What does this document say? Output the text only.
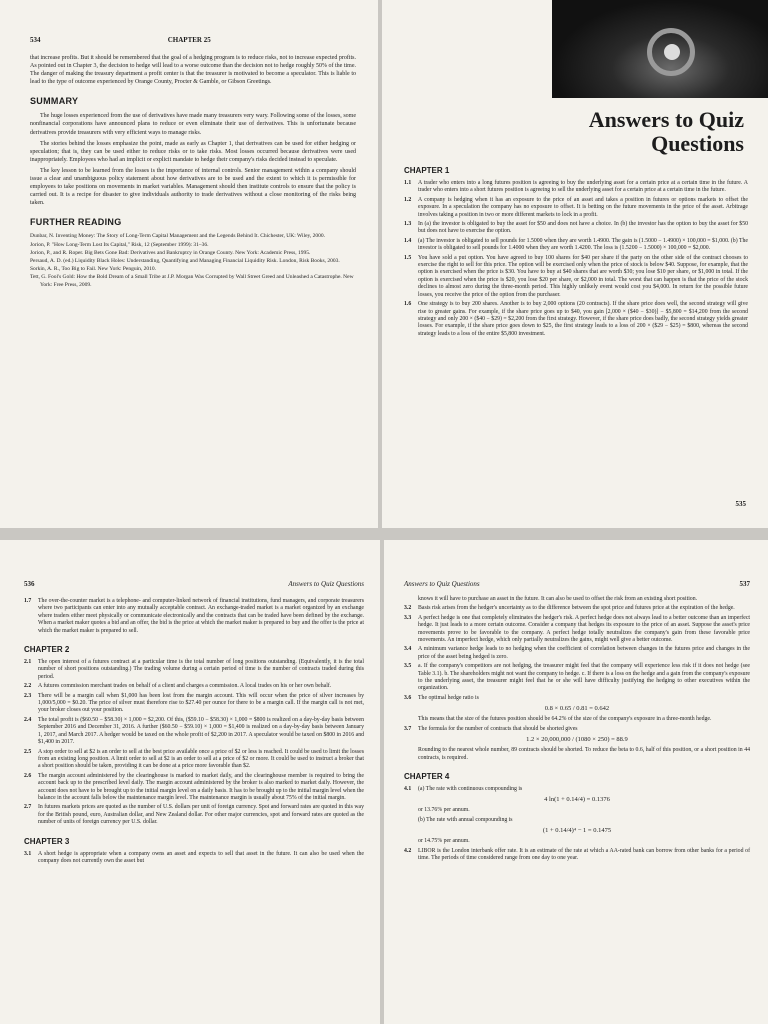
534	CHAPTER 25

that increase profits. But it should be remembered that the goal of a hedging program is to reduce risks, not to increase expected profits. As pointed out in Chapter 3, the decision to hedge will lead to a worse outcome than the decision not to hedge roughly 50% of the time. The danger of making the treasury department a profit center is that the treasurer is motivated to become a speculator. This is liable to lead to the type of outcome experienced by Orange County, Procter & Gamble, or Gibson Greetings.

SUMMARY

The huge losses experienced from the use of derivatives have made many treasurers very wary. Following some of the losses, some nonfinancial corporations have announced plans to reduce or even eliminate their use of derivatives. This is unfortunate because derivatives provide treasurers with very efficient ways to manage risks.

The stories behind the losses emphasize the point, made as early as Chapter 1, that derivatives can be used for either hedging or speculation; that is, they can be used either to reduce risks or to take risks. Most losses occurred because derivatives were used inappropriately. Employees who had an implicit or explicit mandate to hedge their company's risks decided instead to speculate.

The key lesson to be learned from the losses is the importance of internal controls. Senior management within a company should issue a clear and unambiguous policy statement about how derivatives are to be used and the extent to which it is permissible for employees to take positions on movements in market variables. Management should then institute controls to ensure that the policy is carried out. It is a recipe for disaster to give individuals authority to trade derivatives without a close monitoring of the risks being taken.

FURTHER READING

Dunbar, N. Inventing Money: The Story of Long-Term Capital Management and the Legends Behind It. Chichester, UK: Wiley, 2000.

Jorion, P. "How Long-Term Lost Its Capital," Risk, 12 (September 1999): 31–36.

Jorion, P., and R. Roper. Big Bets Gone Bad: Derivatives and Bankruptcy in Orange County. New York: Academic Press, 1995.

Persaud, A. D. (ed.) Liquidity Black Holes: Understanding, Quantifying and Managing Financial Liquidity Risk. London, Risk Books, 2003.

Sorkin, A. R., Too Big to Fail. New York: Penguin, 2010.

Tett, G. Fool's Gold: How the Bold Dream of a Small Tribe at J.P. Morgan Was Corrupted by Wall Street Greed and Unleashed a Catastrophe. New York: Free Press, 2009.

Answers to Quiz
Questions
CHAPTER 1
1.1	A trader who enters into a long futures position is agreeing to buy the underlying asset for a certain price at a certain time in the future. A trader who enters into a short futures position is agreeing to sell the underlying asset for a certain price at a certain time in the future.
1.2	A company is hedging when it has an exposure to the price of an asset and takes a position in futures or options markets to offset the exposure. In a speculation the company has no exposure to offset. It is betting on the future movements in the price of the asset. Arbitrage involves taking a position in two or more different markets to lock in a profit.
1.3	In (a) the investor is obligated to buy the asset for $50 and does not have a choice. In (b) the investor has the option to buy the asset for $50 but does not have to exercise the option.
1.4	(a) The investor is obligated to sell pounds for 1.5000 when they are worth 1.4900. The gain is (1.5000 − 1.4900) × 100,000 = $1,000. (b) The investor is obligated to sell pounds for 1.4000 when they are worth 1.4200. The loss is (1.5200 − 1.5000) × 100,000 = $2,000.
1.5	You have sold a put option. You have agreed to buy 100 shares for $40 per share if the party on the other side of the contract chooses to exercise the right to sell for this price. The option will be exercised only when the price of stock is below $40. Suppose, for example, that the option is exercised when the price is $30. You have to buy at $40 shares that are worth $30; you lose $10 per share, or $1,000 in total. If the option is exercised when the price is $20, you lose $20 per share, or $2,000 in total. The worst that can happen is that the price of the stock declines to almost zero during the three-month period. This highly unlikely event would cost you $4,000. In return for the possible future losses, you receive the price of the option from the purchaser.
1.6	One strategy is to buy 200 shares. Another is to buy 2,000 options (20 contracts). If the share price does well, the second strategy will give rise to greater gains. For example, if the share price goes up to $40, you gain [2,000 × ($40 − $30)] − $5,800 = $14,200 from the second strategy and only 200 × ($40 − $29) = $2,200 from the first strategy. However, if the share price does badly, the second strategy yields greater losses. For example, if the share price goes down to $25, the first strategy leads to a loss of 200 × ($29 − $25) = $800, whereas the second strategy leads to a loss of the entire $5,800 investment.
535
536	Answers to Quiz Questions
1.7	The over-the-counter market is a telephone- and computer-linked network of financial institutions, fund managers, and corporate treasurers where two participants can enter into any mutually acceptable contract. An exchange-traded market is a market organized by an exchange where traders either meet physically or communicate electronically and the contracts that can be traded have been defined by the exchange. When a market maker quotes a bid and an offer, the bid is the price at which the market maker is prepared to buy and the offer is the price at which the market maker is prepared to sell.
CHAPTER 2
2.1	The open interest of a futures contract at a particular time is the total number of long positions outstanding. (Equivalently, it is the total number of short positions outstanding.) The trading volume during a certain period of time is the number of contracts traded during this period.
2.2	A futures commission merchant trades on behalf of a client and charges a commission. A local trades on his or her own behalf.
2.3	There will be a margin call when $1,000 has been lost from the margin account. This will occur when the price of silver increases by 1,000/5,000 = $0.20. The price of silver must therefore rise to $27.40 per ounce for there to be a margin call. If the margin call is not met, your broker closes out your position.
2.4	The total profit is ($60.50 − $58.30) × 1,000 = $2,200. Of this, ($59.10 − $58.30) × 1,000 = $800 is realized on a day-by-day basis between September 2016 and December 31, 2016. A further ($60.50 − $59.10) × 1,000 = $1,400 is realized on a day-by-day basis between January 1, 2017, and March 2017. A hedger would be taxed on the whole profit of $2,200 in 2017. A speculator would be taxed on $800 in 2016 and $1,400 in 2017.
2.5	A stop order to sell at $2 is an order to sell at the best price available once a price of $2 or less is reached. It could be used to limit the losses from an existing long position. A limit order to sell at $2 is an order to sell at a price of $2 or more. It could be used to instruct a broker that a short position should be taken, providing it can be done at a price more favorable than $2.
2.6	The margin account administered by the clearinghouse is marked to market daily, and the clearinghouse member is required to bring the account back up to the prescribed level daily. The margin account administered by the broker is also marked to market daily. However, the account does not have to be brought up to the initial margin level on a daily basis. It has to be brought up to the initial margin level when the balance in the account falls below the maintenance margin level. The maintenance margin is usually about 75% of the initial margin.
2.7	In futures markets prices are quoted as the number of U.S. dollars per unit of foreign currency. Spot and forward rates are quoted in this way for the British pound, euro, Australian dollar, and New Zealand dollar. For other major currencies, spot and forward rates are quoted as the number of units of foreign currency per U.S. dollar.
CHAPTER 3
3.1	A short hedge is appropriate when a company owns an asset and expects to sell that asset in the future. It can also be used when the company does not currently own the asset but
Answers to Quiz Questions	537
knows it will have to purchase an asset in the future. It can also be used to offset the risk from an existing short position.
3.2	Basis risk arises from the hedger's uncertainty as to the difference between the spot price and futures price at the expiration of the hedge.
3.3	A perfect hedge is one that completely eliminates the hedger's risk. A perfect hedge does not always lead to a better outcome than an imperfect hedge. It just leads to a more certain outcome. Consider a company that hedges its exposure to the price of an asset. Suppose the asset's price movements prove to be favorable to the company. A perfect hedge totally neutralizes the company's gain from these favorable price movements. An imperfect hedge, which only partially neutralizes the gains, might well give a better outcome.
3.4	A minimum variance hedge leads to no hedging when the coefficient of correlation between changes in the futures price and changes in the price of the asset being hedged is zero.
3.5	a. If the company's competitors are not hedging, the treasurer might feel that the company will experience less risk if it does not hedge (see Table 3.1). b. The shareholders might not want the company to hedge. c. If there is a loss on the hedge and a gain from the company's exposure to the underlying asset, the treasurer might feel that he or she will have difficulty justifying the hedging to other executives within the organization.
3.6	The optimal hedge ratio is
0.8 × 0.65 / 0.81 = 0.642
This means that the size of the futures position should be 64.2% of the size of the company's exposure in a three-month hedge.
3.7	The formula for the number of contracts that should be shorted gives
1.2 × 20,000,000 / (1080 × 250) = 88.9
Rounding to the nearest whole number, 89 contracts should be shorted. To reduce the beta to 0.6, half of this position, or a short position in 44 contracts, is required.
CHAPTER 4
4.1	(a) The rate with continuous compounding is
4 ln(1 + 0.14/4) = 0.1376
or 13.76% per annum.
(b) The rate with annual compounding is
(1 + 0.14/4)⁴ − 1 = 0.1475
or 14.75% per annum.
4.2	LIBOR is the London interbank offer rate. It is an estimate of the rate at which a AA-rated bank can borrow from other banks for a period of time. The periods of time considered range from one day to one year.
